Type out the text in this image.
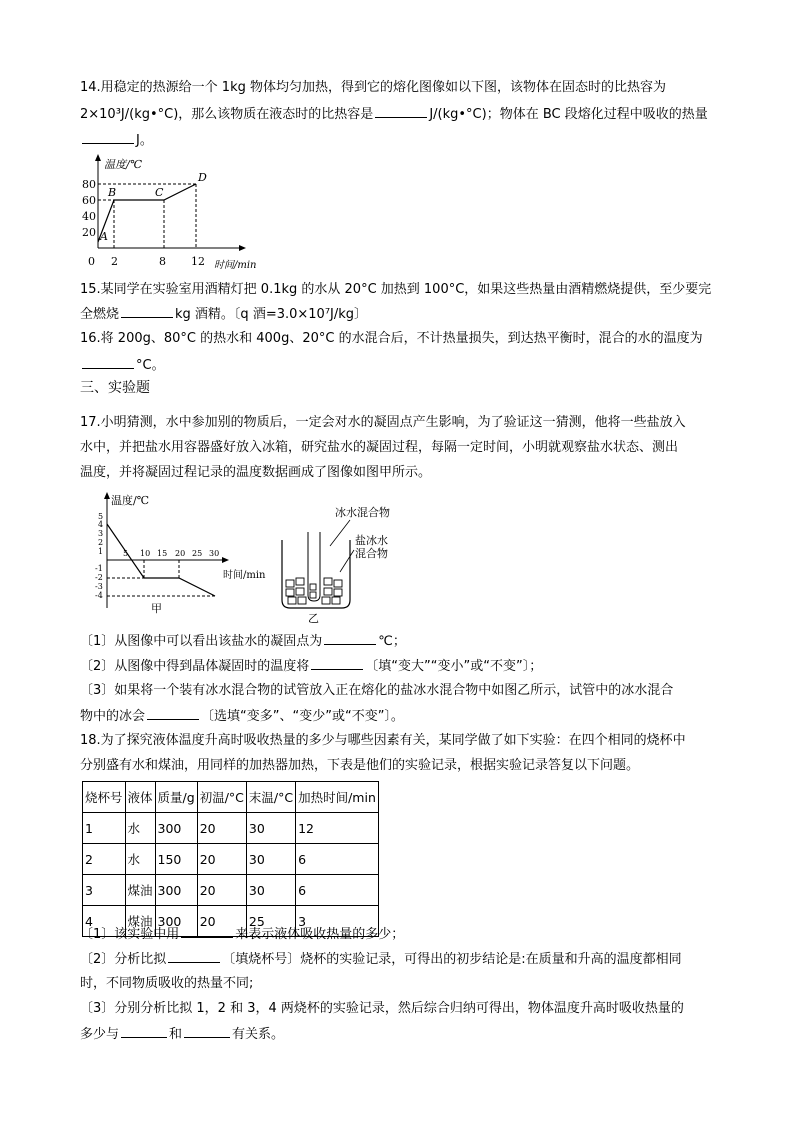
14.用稳定的热源给一个 1kg 物体均匀加热，得到它的熔化图像如以下图，该物体在固态时的比热容为
2×10³J/(kg•°C)，那么该物质在液态时的比热容是	J/(kg•°C)；物体在 BC 段熔化过程中吸收的热量
J。
温度/℃
时间/min
80
60
40
20
0 2	8 12
A
B	C
D
15.某同学在实验室用酒精灯把 0.1kg 的水从 20°C 加热到 100°C，如果这些热量由酒精燃烧提供，至少要完
全燃烧	kg 酒精。〔q 酒=3.0×10⁷J/kg〕
16.将 200g、80°C 的热水和 400g、20°C 的水混合后，不计热量损失，到达热平衡时，混合的水的温度为
°C。
三、实验题
17.小明猜测，水中参加别的物质后，一定会对水的凝固点产生影响，为了验证这一猜测，他将一些盐放入
水中，并把盐水用容器盛好放入冰箱，研究盐水的凝固过程，每隔一定时间，小明就观察盐水状态、测出
温度，并将凝固过程记录的温度数据画成了图像如图甲所示。
温度/℃
时间/min
5
4
3
2
1
-1
-2
-3
-4
5 10 15 20 25 30
甲
冰水混合物
盐冰水
混合物
乙
〔1〕从图像中可以看出该盐水的凝固点为	℃；
〔2〕从图像中得到晶体凝固时的温度将	〔填“变大”“变小”或“不变”〕；
〔3〕如果将一个装有冰水混合物的试管放入正在熔化的盐冰水混合物中如图乙所示，试管中的冰水混合
物中的冰会	〔选填“变多”、“变少”或“不变”〕。
18.为了探究液体温度升高时吸收热量的多少与哪些因素有关，某同学做了如下实验：在四个相同的烧杯中
分别盛有水和煤油，用同样的加热器加热，下表是他们的实验记录，根据实验记录答复以下问题。
烧杯号	液体	质量/g	初温/°C	末温/°C	加热时间/min
1	水	300	20	30	12
2	水	150	20	30	6
3	煤油	300	20	30	6
4	煤油	300	20	25	3
〔1〕该实验中用	来表示液体吸收热量的多少；
〔2〕分析比拟	〔填烧杯号〕烧杯的实验记录，可得出的初步结论是:在质量和升高的温度都相同
时，不同物质吸收的热量不同;
〔3〕分别分析比拟 1，2 和 3，4 两烧杯的实验记录，然后综合归纳可得出，物体温度升高时吸收热量的
多少与	和	有关系。
